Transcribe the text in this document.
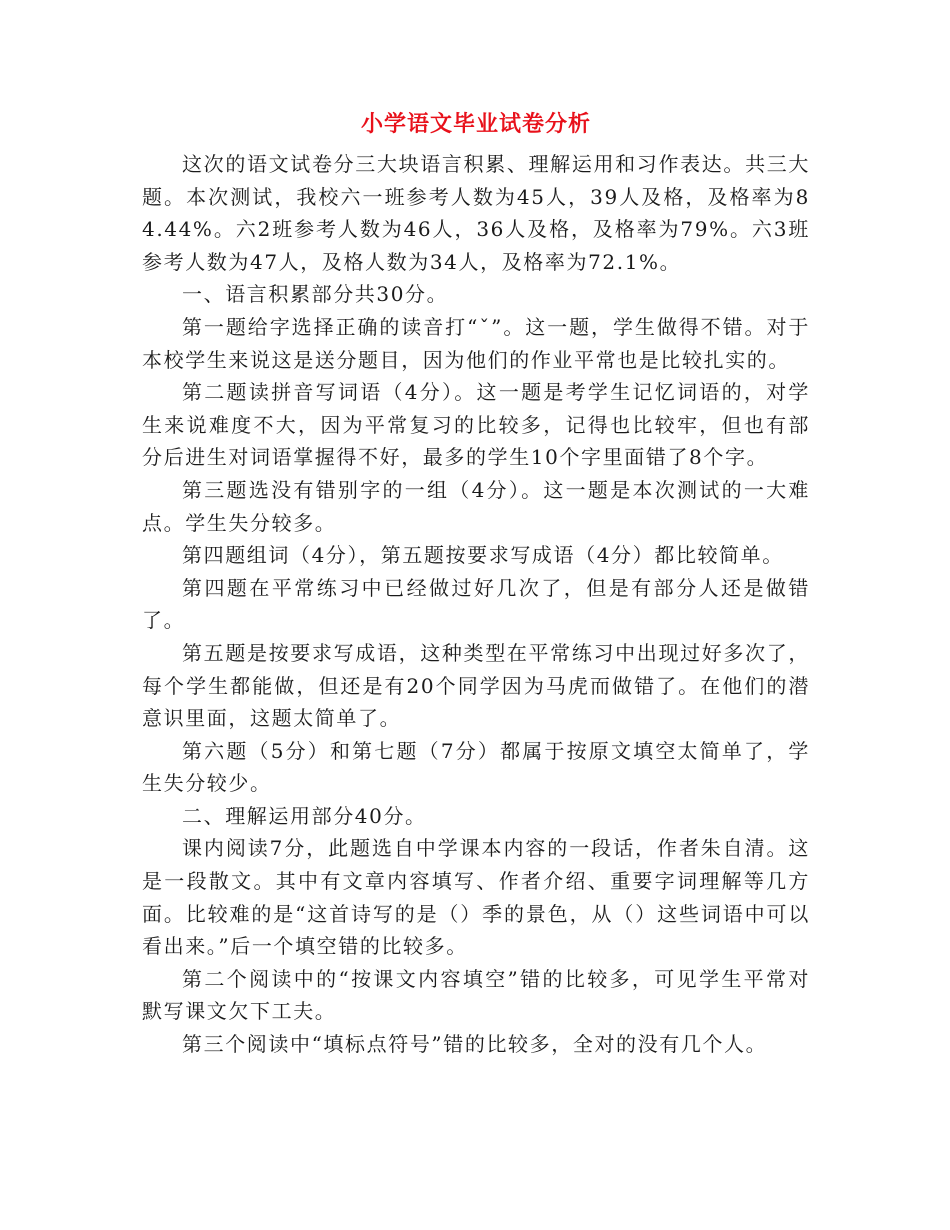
小学语文毕业试卷分析

这次的语文试卷分三大块语言积累、理解运用和习作表达。共三大题。本次测试，我校六一班参考人数为45人，39人及格，及格率为84.44%。六2班参考人数为46人，36人及格，及格率为79%。六3班参考人数为47人，及格人数为34人，及格率为72.1%。

一、语言积累部分共30分。

第一题给字选择正确的读音打“ˇ”。这一题，学生做得不错。对于本校学生来说这是送分题目，因为他们的作业平常也是比较扎实的。

第二题读拼音写词语（4分）。这一题是考学生记忆词语的，对学生来说难度不大，因为平常复习的比较多，记得也比较牢，但也有部分后进生对词语掌握得不好，最多的学生10个字里面错了8个字。

第三题选没有错别字的一组（4分）。这一题是本次测试的一大难点。学生失分较多。

第四题组词（4分），第五题按要求写成语（4分）都比较简单。

第四题在平常练习中已经做过好几次了，但是有部分人还是做错了。

第五题是按要求写成语，这种类型在平常练习中出现过好多次了，每个学生都能做，但还是有20个同学因为马虎而做错了。在他们的潜意识里面，这题太简单了。

第六题（5分）和第七题（7分）都属于按原文填空太简单了，学生失分较少。

二、理解运用部分40分。

课内阅读7分，此题选自中学课本内容的一段话，作者朱自清。这是一段散文。其中有文章内容填写、作者介绍、重要字词理解等几方面。比较难的是“这首诗写的是（）季的景色，从（）这些词语中可以看出来。”后一个填空错的比较多。

第二个阅读中的“按课文内容填空”错的比较多，可见学生平常对默写课文欠下工夫。

第三个阅读中“填标点符号”错的比较多，全对的没有几个人。
